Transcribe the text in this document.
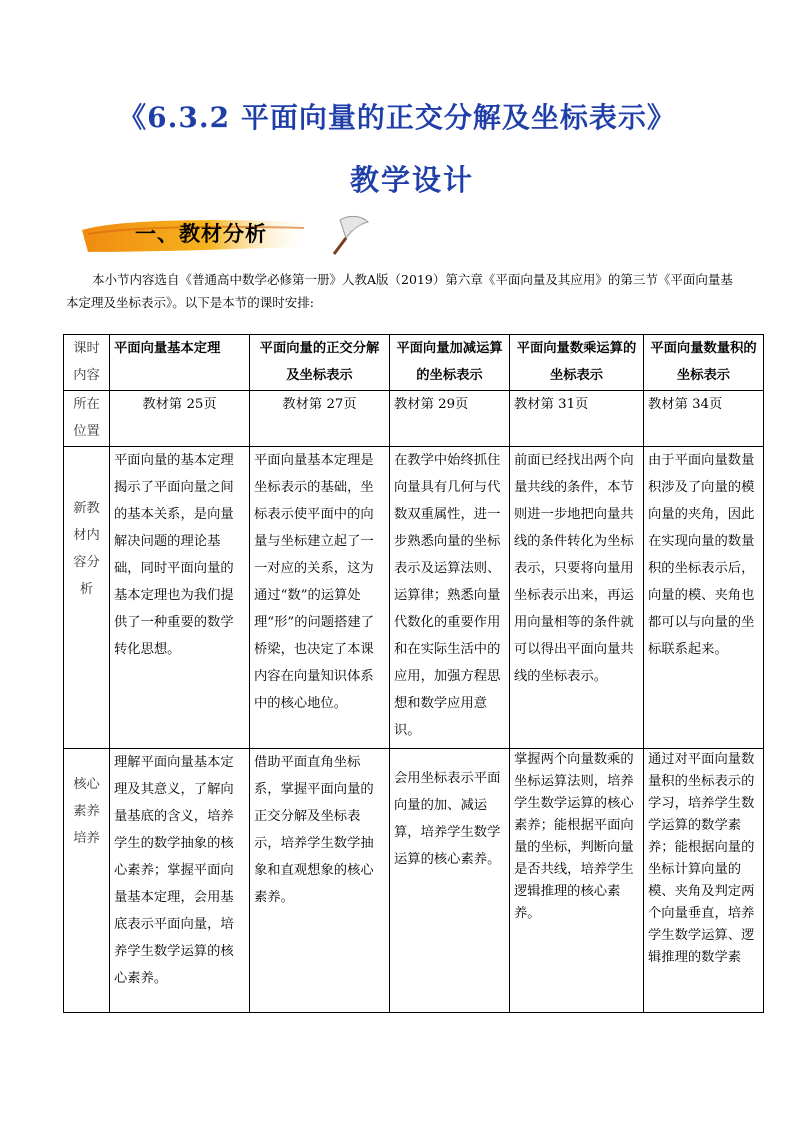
《6.3.2 平面向量的正交分解及坐标表示》
教学设计
一、教材分析
本小节内容选自《普通高中数学必修第一册》人教A版（2019）第六章《平面向量及其应用》的第三节《平面向量基本定理及坐标表示》。以下是本节的课时安排:
课时内容	平面向量基本定理	平面向量的正交分解及坐标表示	平面向量加减运算的坐标表示	平面向量数乘运算的坐标表示	平面向量数量积的坐标表示
所在位置	教材第 25页	教材第 27页	教材第 29页	教材第 31页	教材第 34页
新教材内容分析	平面向量的基本定理揭示了平面向量之间的基本关系，是向量解决问题的理论基础，同时平面向量的基本定理也为我们提供了一种重要的数学转化思想。	平面向量基本定理是坐标表示的基础，坐标表示使平面中的向量与坐标建立起了一一对应的关系，这为通过“数”的运算处理“形”的问题搭建了桥梁，也决定了本课内容在向量知识体系中的核心地位。	在教学中始终抓住向量具有几何与代数双重属性，进一步熟悉向量的坐标表示及运算法则、运算律；熟悉向量代数化的重要作用和在实际生活中的应用，加强方程思想和数学应用意识。	前面已经找出两个向量共线的条件，本节则进一步地把向量共线的条件转化为坐标表示，只要将向量用坐标表示出来，再运用向量相等的条件就可以得出平面向量共线的坐标表示。	由于平面向量数量积涉及了向量的模向量的夹角，因此在实现向量的数量积的坐标表示后，向量的模、夹角也都可以与向量的坐标联系起来。
核心素养培养	理解平面向量基本定理及其意义，了解向量基底的含义，培养学生的数学抽象的核心素养；掌握平面向量基本定理，会用基底表示平面向量，培养学生数学运算的核心素养。	借助平面直角坐标系，掌握平面向量的正交分解及坐标表示，培养学生数学抽象和直观想象的核心素养。	会用坐标表示平面向量的加、减运算，培养学生数学运算的核心素养。	掌握两个向量数乘的坐标运算法则，培养学生数学运算的核心素养；能根据平面向量的坐标，判断向量是否共线，培养学生逻辑推理的核心素养。	通过对平面向量数量积的坐标表示的学习，培养学生数学运算的数学素养；能根据向量的坐标计算向量的模、夹角及判定两个向量垂直，培养学生数学运算、逻辑推理的数学素
